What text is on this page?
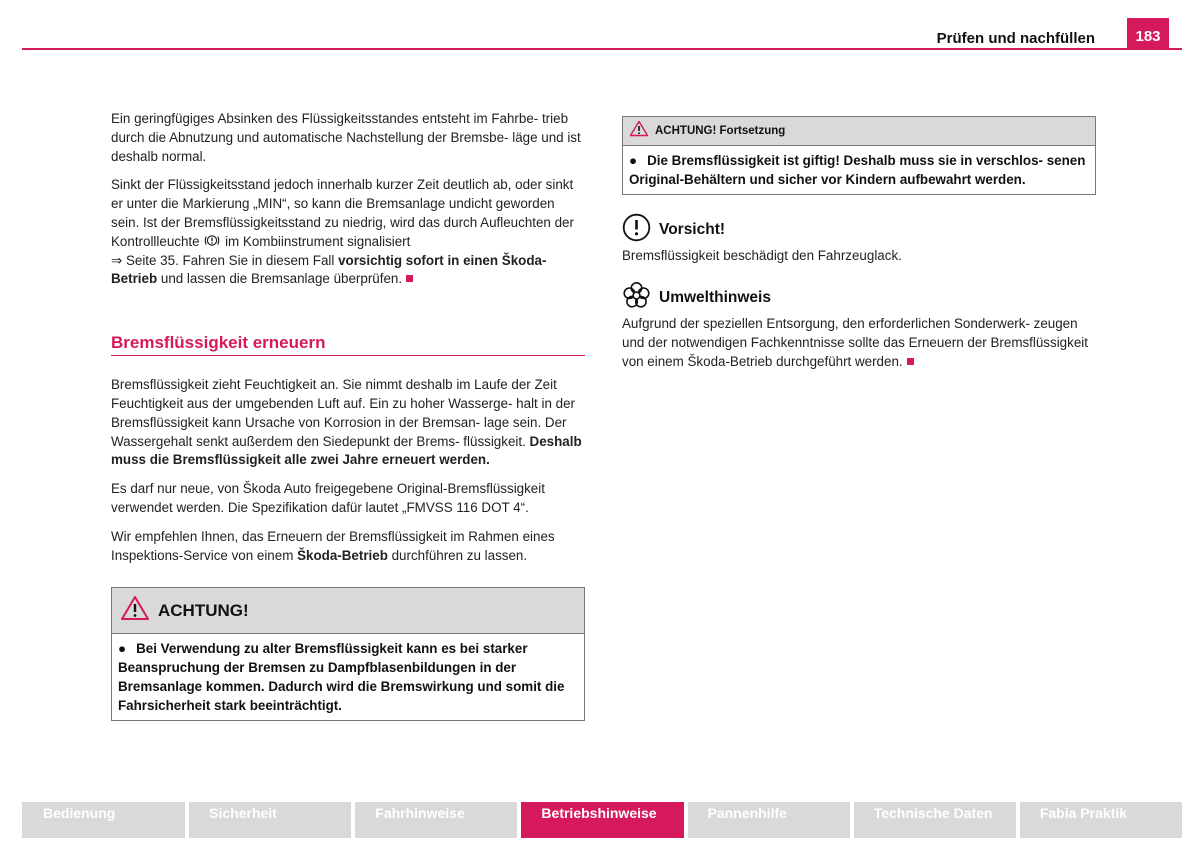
Prüfen und nachfüllen	183

Ein geringfügiges Absinken des Flüssigkeitsstandes entsteht im Fahrbe- trieb durch die Abnutzung und automatische Nachstellung der Bremsbe- läge und ist deshalb normal.

Sinkt der Flüssigkeitsstand jedoch innerhalb kurzer Zeit deutlich ab, oder sinkt er unter die Markierung „MIN“, so kann die Bremsanlage undicht geworden sein. Ist der Bremsflüssigkeitsstand zu niedrig, wird das durch Aufleuchten der Kontrollleuchte im Kombiinstrument signalisiert
⇒ Seite 35. Fahren Sie in diesem Fall vorsichtig sofort in einen Škoda-Betrieb und lassen die Bremsanlage überprüfen.

Bremsflüssigkeit erneuern

Bremsflüssigkeit zieht Feuchtigkeit an. Sie nimmt deshalb im Laufe der Zeit Feuchtigkeit aus der umgebenden Luft auf. Ein zu hoher Wasserge- halt in der Bremsflüssigkeit kann Ursache von Korrosion in der Bremsan- lage sein. Der Wassergehalt senkt außerdem den Siedepunkt der Brems- flüssigkeit. Deshalb muss die Bremsflüssigkeit alle zwei Jahre erneuert werden.

Es darf nur neue, von Škoda Auto freigegebene Original-Bremsflüssigkeit verwendet werden. Die Spezifikation dafür lautet „FMVSS 116 DOT 4“.

Wir empfehlen Ihnen, das Erneuern der Bremsflüssigkeit im Rahmen eines Inspektions-Service von einem Škoda-Betrieb durchführen zu lassen.

ACHTUNG!
● Bei Verwendung zu alter Bremsflüssigkeit kann es bei starker Beanspruchung der Bremsen zu Dampfblasenbildungen in der Bremsanlage kommen. Dadurch wird die Bremswirkung und somit die Fahrsicherheit stark beeinträchtigt.
ACHTUNG! Fortsetzung
● Die Bremsflüssigkeit ist giftig! Deshalb muss sie in verschlos- senen Original-Behältern und sicher vor Kindern aufbewahrt werden.
Vorsicht!

Bremsflüssigkeit beschädigt den Fahrzeuglack.

Umwelthinweis

Aufgrund der speziellen Entsorgung, den erforderlichen Sonderwerk- zeugen und der notwendigen Fachkenntnisse sollte das Erneuern der Bremsflüssigkeit von einem Škoda-Betrieb durchgeführt werden.

Bedienung	Sicherheit	Fahrhinweise	Betriebshinweise	Pannenhilfe	Technische Daten	Fabia Praktik
